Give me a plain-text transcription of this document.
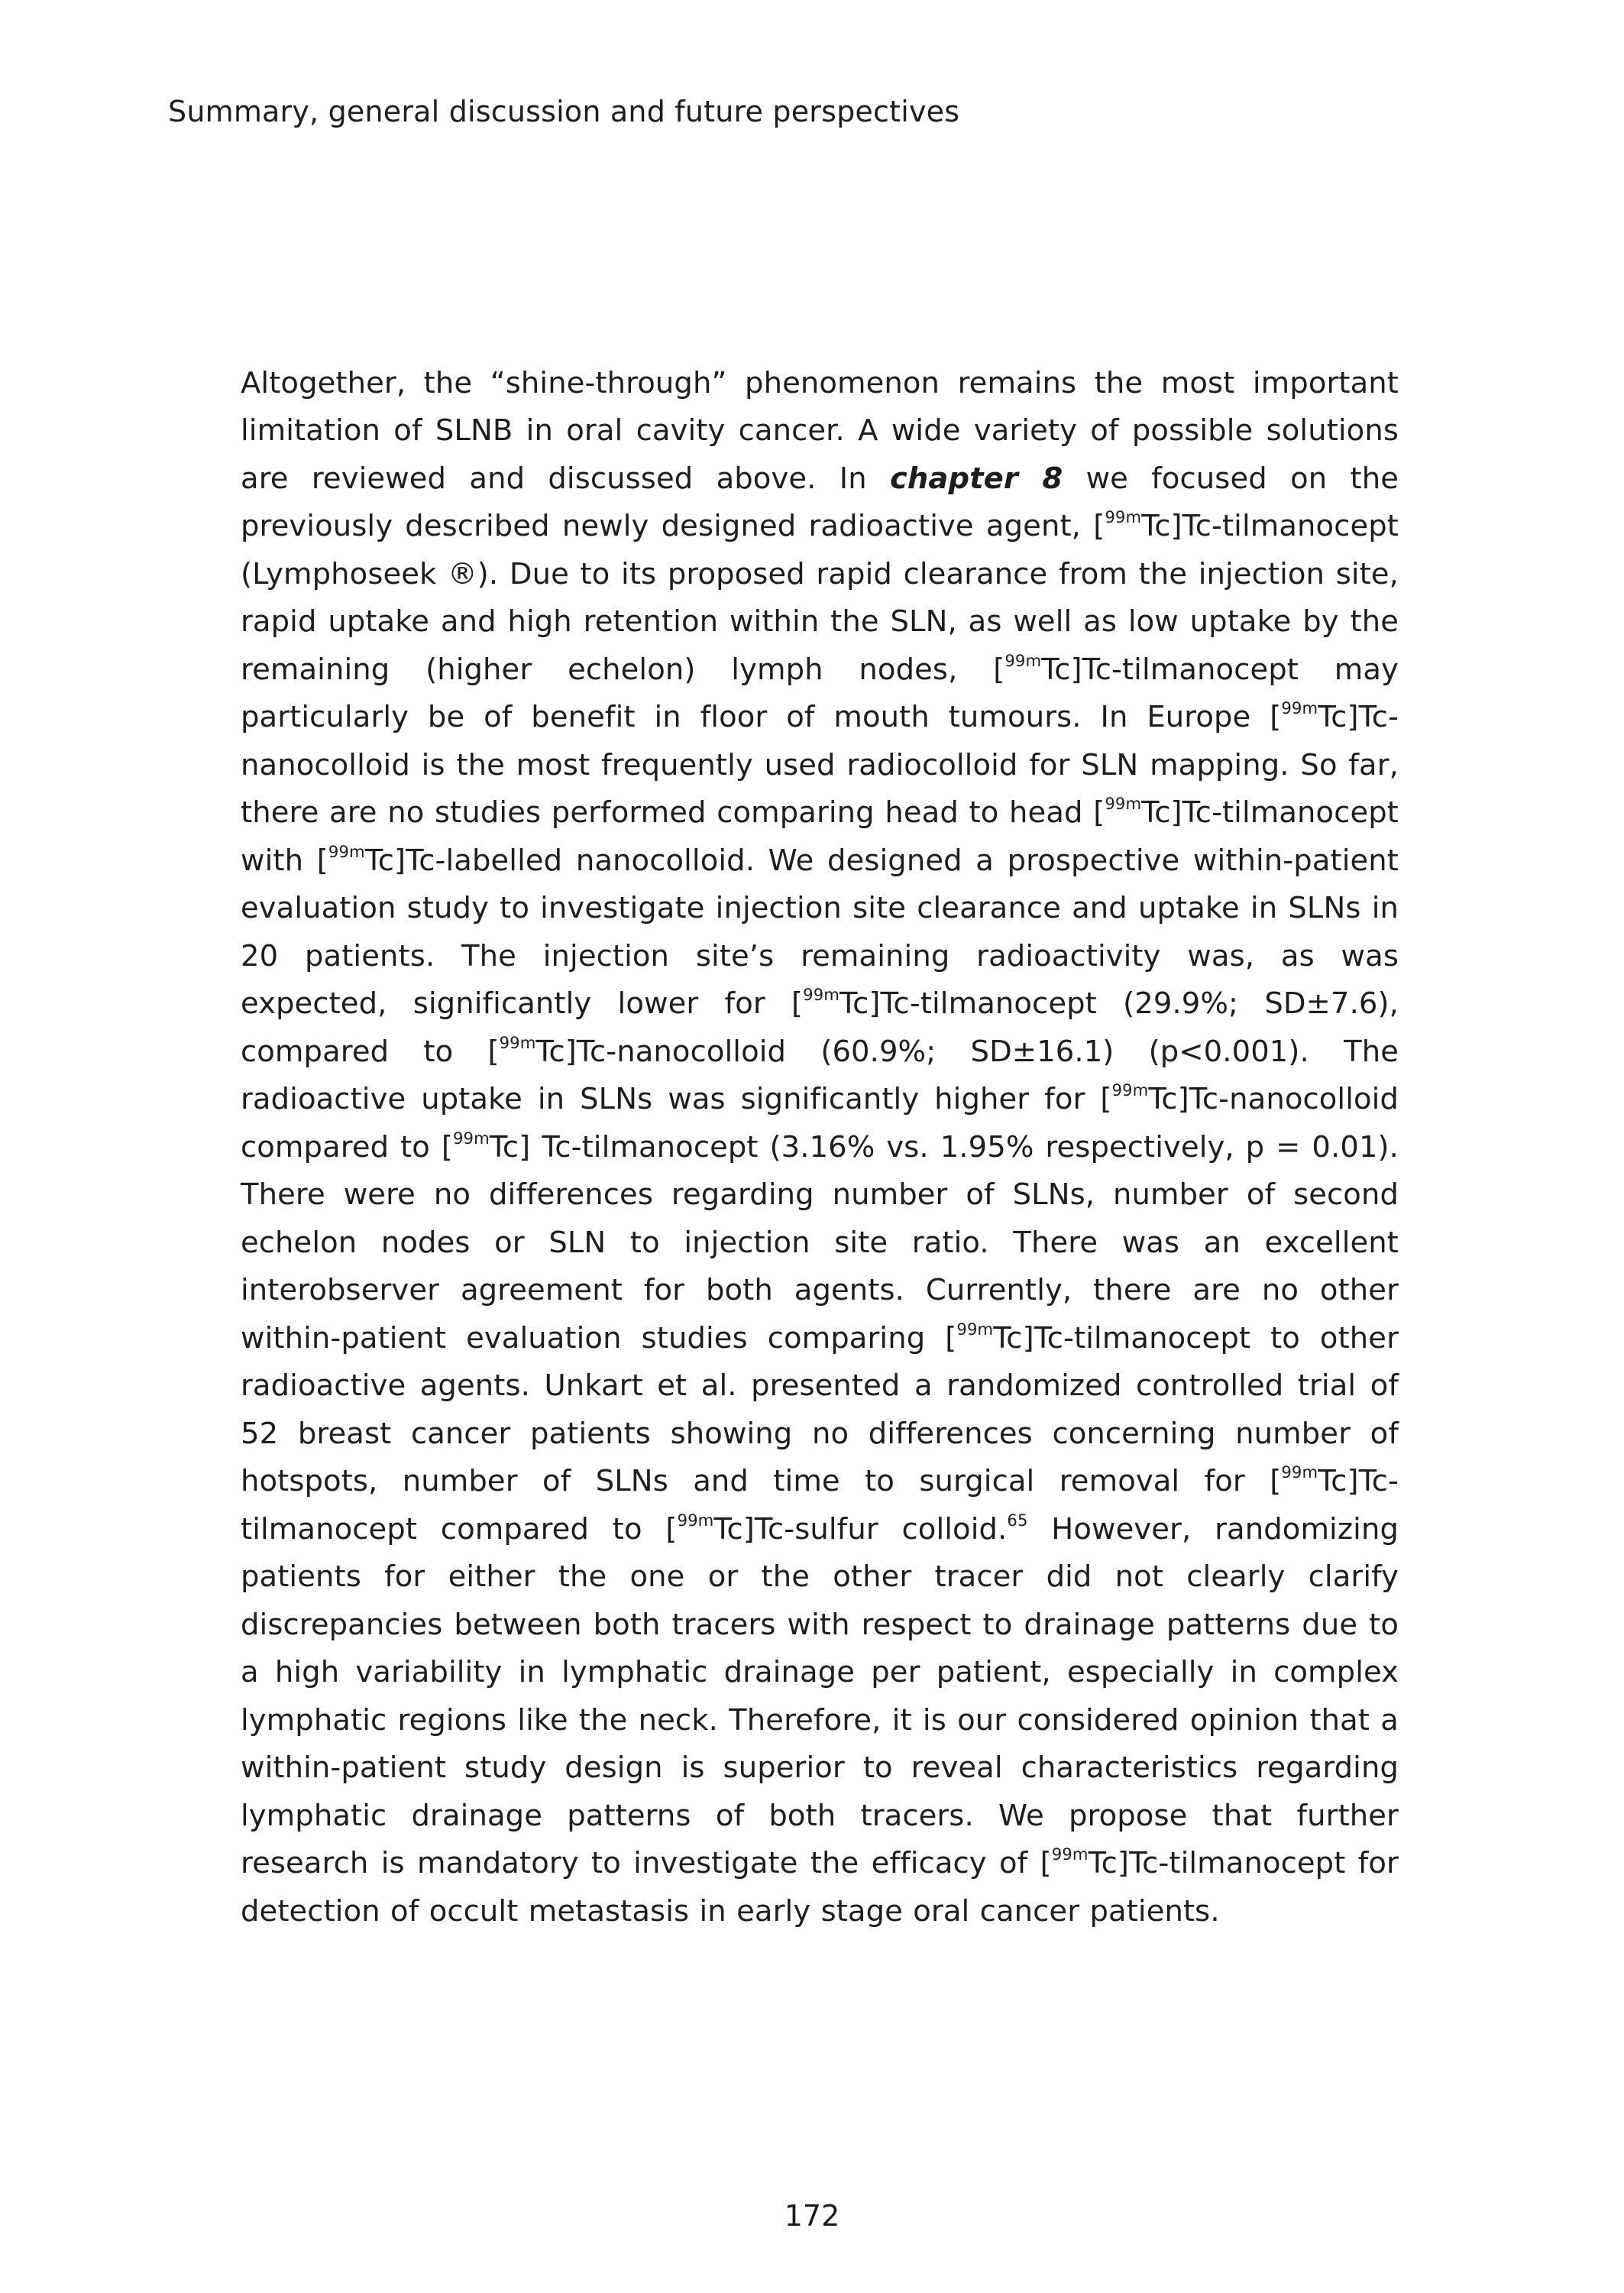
Summary, general discussion and future perspectives

Altogether, the “shine-through” phenomenon remains the most important limitation of SLNB in oral cavity cancer. A wide variety of possible solutions are reviewed and discussed above. In chapter 8 we focused on the previously described newly designed radioactive agent, [$^{99m}$Tc]Tc-tilmanocept (Lymphoseek ®). Due to its proposed rapid clearance from the injection site, rapid uptake and high retention within the SLN, as well as low uptake by the remaining (higher echelon) lymph nodes, [$^{99m}$Tc]Tc-tilmanocept may particularly be of benefit in floor of mouth tumours. In Europe [$^{99m}$Tc]Tc-nanocolloid is the most frequently used radiocolloid for SLN mapping. So far, there are no studies performed comparing head to head [$^{99m}$Tc]Tc-tilmanocept with [$^{99m}$Tc]Tc-labelled nanocolloid. We designed a prospective within-patient evaluation study to investigate injection site clearance and uptake in SLNs in 20 patients. The injection site’s remaining radioactivity was, as was expected, significantly lower for [$^{99m}$Tc]Tc-tilmanocept (29.9%; SD±7.6), compared to [$^{99m}$Tc]Tc-nanocolloid (60.9%; SD±16.1) (p<0.001). The radioactive uptake in SLNs was significantly higher for [$^{99m}$Tc]Tc-nanocolloid compared to [$^{99m}$Tc] Tc-tilmanocept (3.16% vs. 1.95% respectively, p = 0.01). There were no differences regarding number of SLNs, number of second echelon nodes or SLN to injection site ratio. There was an excellent interobserver agreement for both agents. Currently, there are no other within-patient evaluation studies comparing [$^{99m}$Tc]Tc-tilmanocept to other radioactive agents. Unkart et al. presented a randomized controlled trial of 52 breast cancer patients showing no differences concerning number of hotspots, number of SLNs and time to surgical removal for [$^{99m}$Tc]Tc-tilmanocept compared to [$^{99m}$Tc]Tc-sulfur colloid.$^{65}$ However, randomizing patients for either the one or the other tracer did not clearly clarify discrepancies between both tracers with respect to drainage patterns due to a high variability in lymphatic drainage per patient, especially in complex lymphatic regions like the neck. Therefore, it is our considered opinion that a within-patient study design is superior to reveal characteristics regarding lymphatic drainage patterns of both tracers. We propose that further research is mandatory to investigate the efficacy of [$^{99m}$Tc]Tc-tilmanocept for detection of occult metastasis in early stage oral cancer patients.

172
